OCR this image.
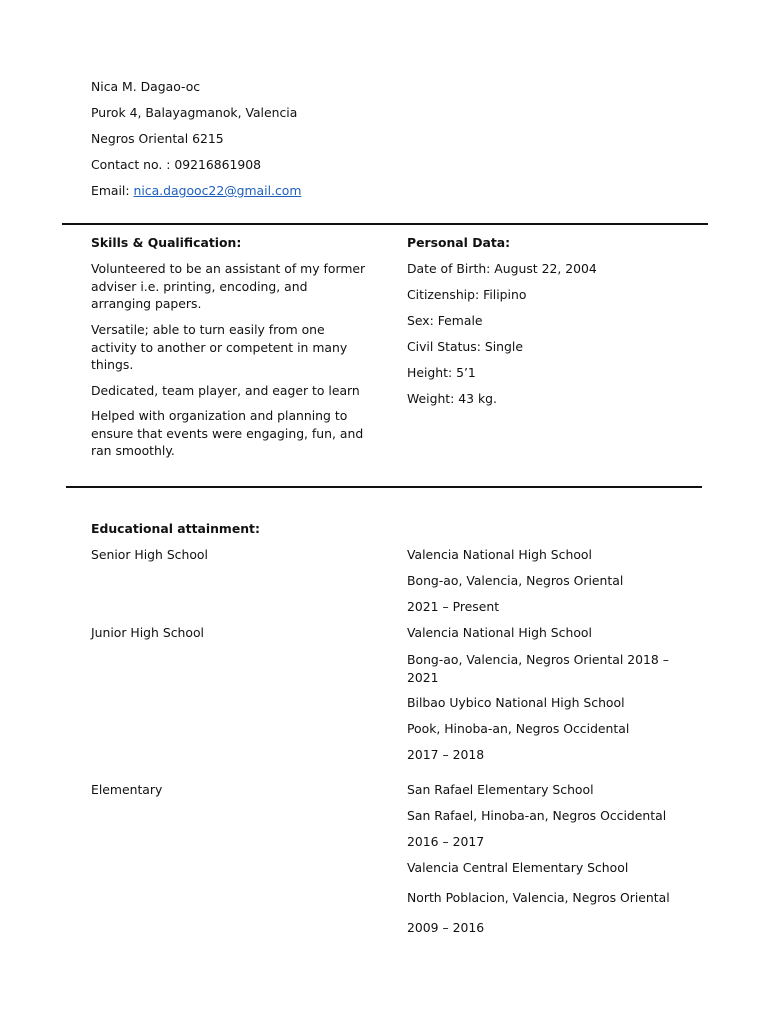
Nica M. Dagao-oc
Purok 4, Balayagmanok, Valencia
Negros Oriental 6215
Contact no. : 09216861908
Email: nica.dagooc22@gmail.com
Skills & Qualification:
Volunteered to be an assistant of my former adviser i.e. printing, encoding, and arranging papers.
Versatile; able to turn easily from one activity to another or competent in many things.
Dedicated, team player, and eager to learn
Helped with organization and planning to ensure that events were engaging, fun, and ran smoothly.
Personal Data:
Date of Birth: August 22, 2004
Citizenship: Filipino
Sex: Female
Civil Status: Single
Height: 5’1
Weight: 43 kg.
Educational attainment:
Senior High School	Valencia National High School
Bong-ao, Valencia, Negros Oriental
2021 – Present
Junior High School	Valencia National High School
Bong-ao, Valencia, Negros Oriental 2018 – 2021
Bilbao Uybico National High School
Pook, Hinoba-an, Negros Occidental
2017 – 2018
Elementary	San Rafael Elementary School
San Rafael, Hinoba-an, Negros Occidental
2016 – 2017
Valencia Central Elementary School
North Poblacion, Valencia, Negros Oriental
2009 – 2016
